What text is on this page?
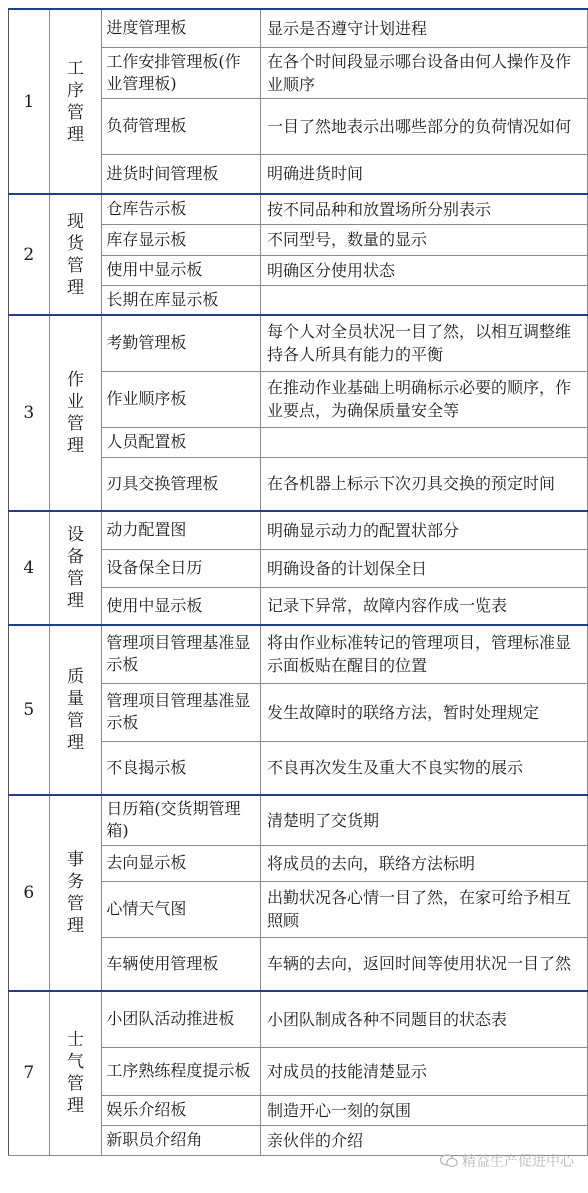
1	工序管理	进度管理板	显示是否遵守计划进程
		工作安排管理板(作业管理板)	在各个时间段显示哪台设备由何人操作及作业顺序
		负荷管理板	一目了然地表示出哪些部分的负荷情况如何
		进货时间管理板	明确进货时间
2	现货管理	仓库告示板	按不同品种和放置场所分别表示
		库存显示板	不同型号，数量的显示
		使用中显示板	明确区分使用状态
		长期在库显示板	
3	作业管理	考勤管理板	每个人对全员状况一目了然，以相互调整维持各人所具有能力的平衡
		作业顺序板	在推动作业基础上明确标示必要的顺序，作业要点，为确保质量安全等
		人员配置板	
		刃具交换管理板	在各机器上标示下次刃具交换的预定时间
4	设备管理	动力配置图	明确显示动力的配置状部分
		设备保全日历	明确设备的计划保全日
		使用中显示板	记录下异常，故障内容作成一览表
5	质量管理	管理项目管理基准显示板	将由作业标准转记的管理项目，管理标准显示面板贴在醒目的位置
		管理项目管理基准显示板	发生故障时的联络方法，暂时处理规定
		不良揭示板	不良再次发生及重大不良实物的展示
6	事务管理	日历箱(交货期管理箱)	清楚明了交货期
		去向显示板	将成员的去向，联络方法标明
		心情天气图	出勤状况各心情一目了然，在家可给予相互照顾
		车辆使用管理板	车辆的去向，返回时间等使用状况一目了然
7	士气管理	小团队活动推进板	小团队制成各种不同题目的状态表
		工序熟练程度提示板	对成员的技能清楚显示
		娱乐介绍板	制造开心一刻的氛围
		新职员介绍角	亲伙伴的介绍
精益生产促进中心
